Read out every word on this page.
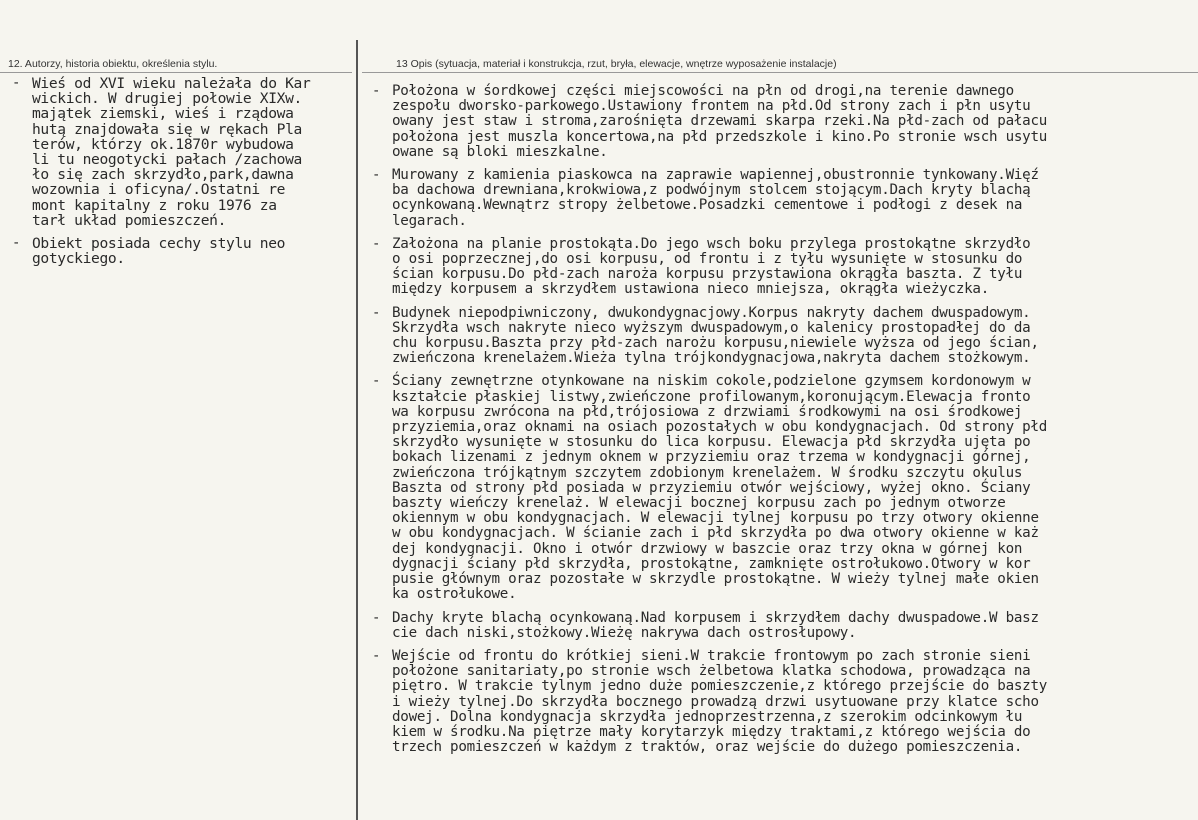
12. Autorzy, historia obiektu, określenia stylu.	13 Opis (sytuacja, materiał i konstrukcja, rzut, bryła, elewacje, wnętrze wyposażenie instalacje)
- Wieś od XVI wieku należała do Kar
wickich. W drugiej połowie XIXw.
majątek ziemski, wieś i rządowa
hutą znajdowała się w rękach Pla
terów, którzy ok.1870r wybudowa
li tu neogotycki pałach /zachowa
ło się zach skrzydło,park,dawna
wozownia i oficyna/.Ostatni re
mont kapitalny z roku 1976 za
tarł układ pomieszczeń.
- Obiekt posiada cechy stylu neo
gotyckiego.
- Położona w śordkowej części miejscowości na płn od drogi,na terenie dawnego
zespołu dworsko-parkowego.Ustawiony frontem na płd.Od strony zach i płn usytu
owany jest staw i stroma,zarośnięta drzewami skarpa rzeki.Na płd-zach od pałacu
położona jest muszla koncertowa,na płd przedszkole i kino.Po stronie wsch usytu
owane są bloki mieszkalne.
- Murowany z kamienia piaskowca na zaprawie wapiennej,obustronnie tynkowany.Więź
ba dachowa drewniana,krokwiowa,z podwójnym stolcem stojącym.Dach kryty blachą
ocynkowaną.Wewnątrz stropy żelbetowe.Posadzki cementowe i podłogi z desek na
legarach.
- Założona na planie prostokąta.Do jego wsch boku przylega prostokątne skrzydło
o osi poprzecznej,do osi korpusu, od frontu i z tyłu wysunięte w stosunku do
ścian korpusu.Do płd-zach naroża korpusu przystawiona okrągła baszta. Z tyłu
między korpusem a skrzydłem ustawiona nieco mniejsza, okrągła wieżyczka.
- Budynek niepodpiwniczony, dwukondygnacjowy.Korpus nakryty dachem dwuspadowym.
Skrzydła wsch nakryte nieco wyższym dwuspadowym,o kalenicy prostopadłej do da
chu korpusu.Baszta przy płd-zach narożu korpusu,niewiele wyższa od jego ścian,
zwieńczona krenelażem.Wieża tylna trójkondygnacjowa,nakryta dachem stożkowym.
- Ściany zewnętrzne otynkowane na niskim cokole,podzielone gzymsem kordonowym w
kształcie płaskiej listwy,zwieńczone profilowanym,koronującym.Elewacja fronto
wa korpusu zwrócona na płd,trójosiowa z drzwiami środkowymi na osi środkowej
przyziemia,oraz oknami na osiach pozostałych w obu kondygnacjach. Od strony płd
skrzydło wysunięte w stosunku do lica korpusu. Elewacja płd skrzydła ujęta po
bokach lizenami z jednym oknem w przyziemiu oraz trzema w kondygnacji górnej,
zwieńczona trójkątnym szczytem zdobionym krenelażem. W środku szczytu okulus
Baszta od strony płd posiada w przyziemiu otwór wejściowy, wyżej okno. Ściany
baszty wieńczy krenelaż. W elewacji bocznej korpusu zach po jednym otworze
okiennym w obu kondygnacjach. W elewacji tylnej korpusu po trzy otwory okienne
w obu kondygnacjach. W ścianie zach i płd skrzydła po dwa otwory okienne w każ
dej kondygnacji. Okno i otwór drzwiowy w baszcie oraz trzy okna w górnej kon
dygnacji ściany płd skrzydła, prostokątne, zamknięte ostrołukowo.Otwory w kor
pusie głównym oraz pozostałe w skrzydle prostokątne. W wieży tylnej małe okien
ka ostrołukowe.
- Dachy kryte blachą ocynkowaną.Nad korpusem i skrzydłem dachy dwuspadowe.W basz
cie dach niski,stożkowy.Wieżę nakrywa dach ostrosłupowy.
- Wejście od frontu do krótkiej sieni.W trakcie frontowym po zach stronie sieni
położone sanitariaty,po stronie wsch żelbetowa klatka schodowa, prowadząca na
piętro. W trakcie tylnym jedno duże pomieszczenie,z którego przejście do baszty
i wieży tylnej.Do skrzydła bocznego prowadzą drzwi usytuowane przy klatce scho
dowej. Dolna kondygnacja skrzydła jednoprzestrzenna,z szerokim odcinkowym łu
kiem w środku.Na piętrze mały korytarzyk między traktami,z którego wejścia do
trzech pomieszczeń w każdym z traktów, oraz wejście do dużego pomieszczenia.
